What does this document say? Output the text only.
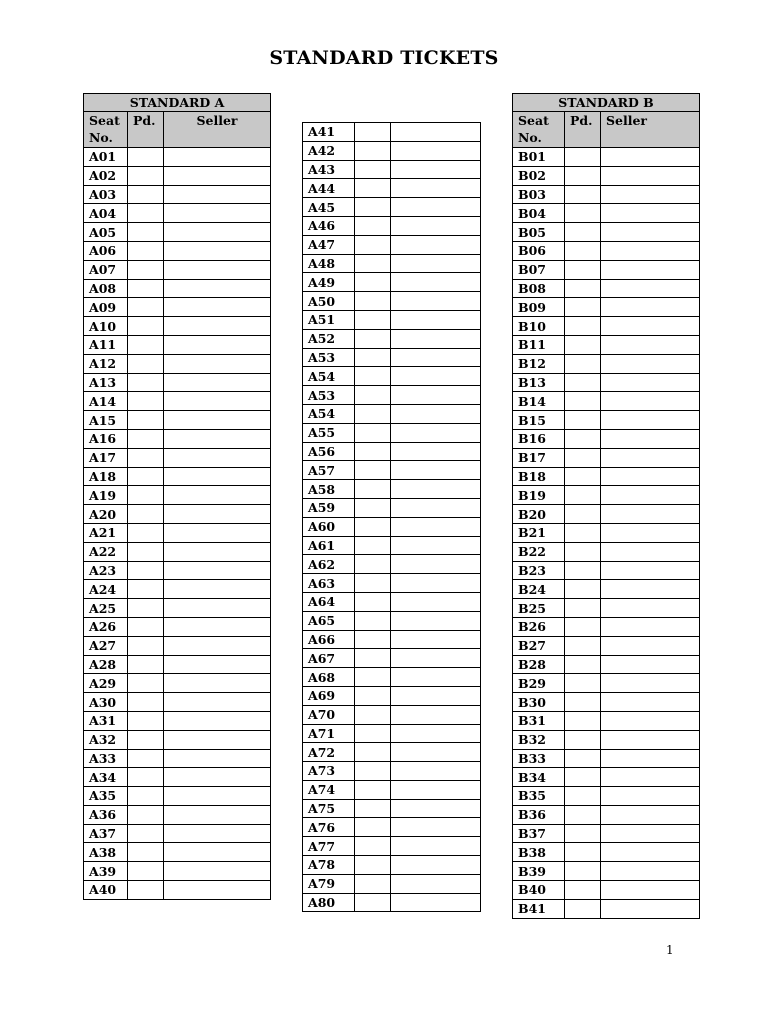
STANDARD TICKETS
STANDARD A		
Seat No.	Pd.	Seller
A01		
A02		
A03		
A04		
A05		
A06		
A07		
A08		
A09		
A10		
A11		
A12		
A13		
A14		
A15		
A16		
A17		
A18		
A19		
A20		
A21		
A22		
A23		
A24		
A25		
A26		
A27		
A28		
A29		
A30		
A31		
A32		
A33		
A34		
A35		
A36		
A37		
A38		
A39		
A40		
A41		
A42		
A43		
A44		
A45		
A46		
A47		
A48		
A49		
A50		
A51		
A52		
A53		
A54		
A53		
A54		
A55		
A56		
A57		
A58		
A59		
A60		
A61		
A62		
A63		
A64		
A65		
A66		
A67		
A68		
A69		
A70		
A71		
A72		
A73		
A74		
A75		
A76		
A77		
A78		
A79		
A80		
STANDARD B		
Seat No.	Pd.	Seller
B01		
B02		
B03		
B04		
B05		
B06		
B07		
B08		
B09		
B10		
B11		
B12		
B13		
B14		
B15		
B16		
B17		
B18		
B19		
B20		
B21		
B22		
B23		
B24		
B25		
B26		
B27		
B28		
B29		
B30		
B31		
B32		
B33		
B34		
B35		
B36		
B37		
B38		
B39		
B40		
B41		
1
